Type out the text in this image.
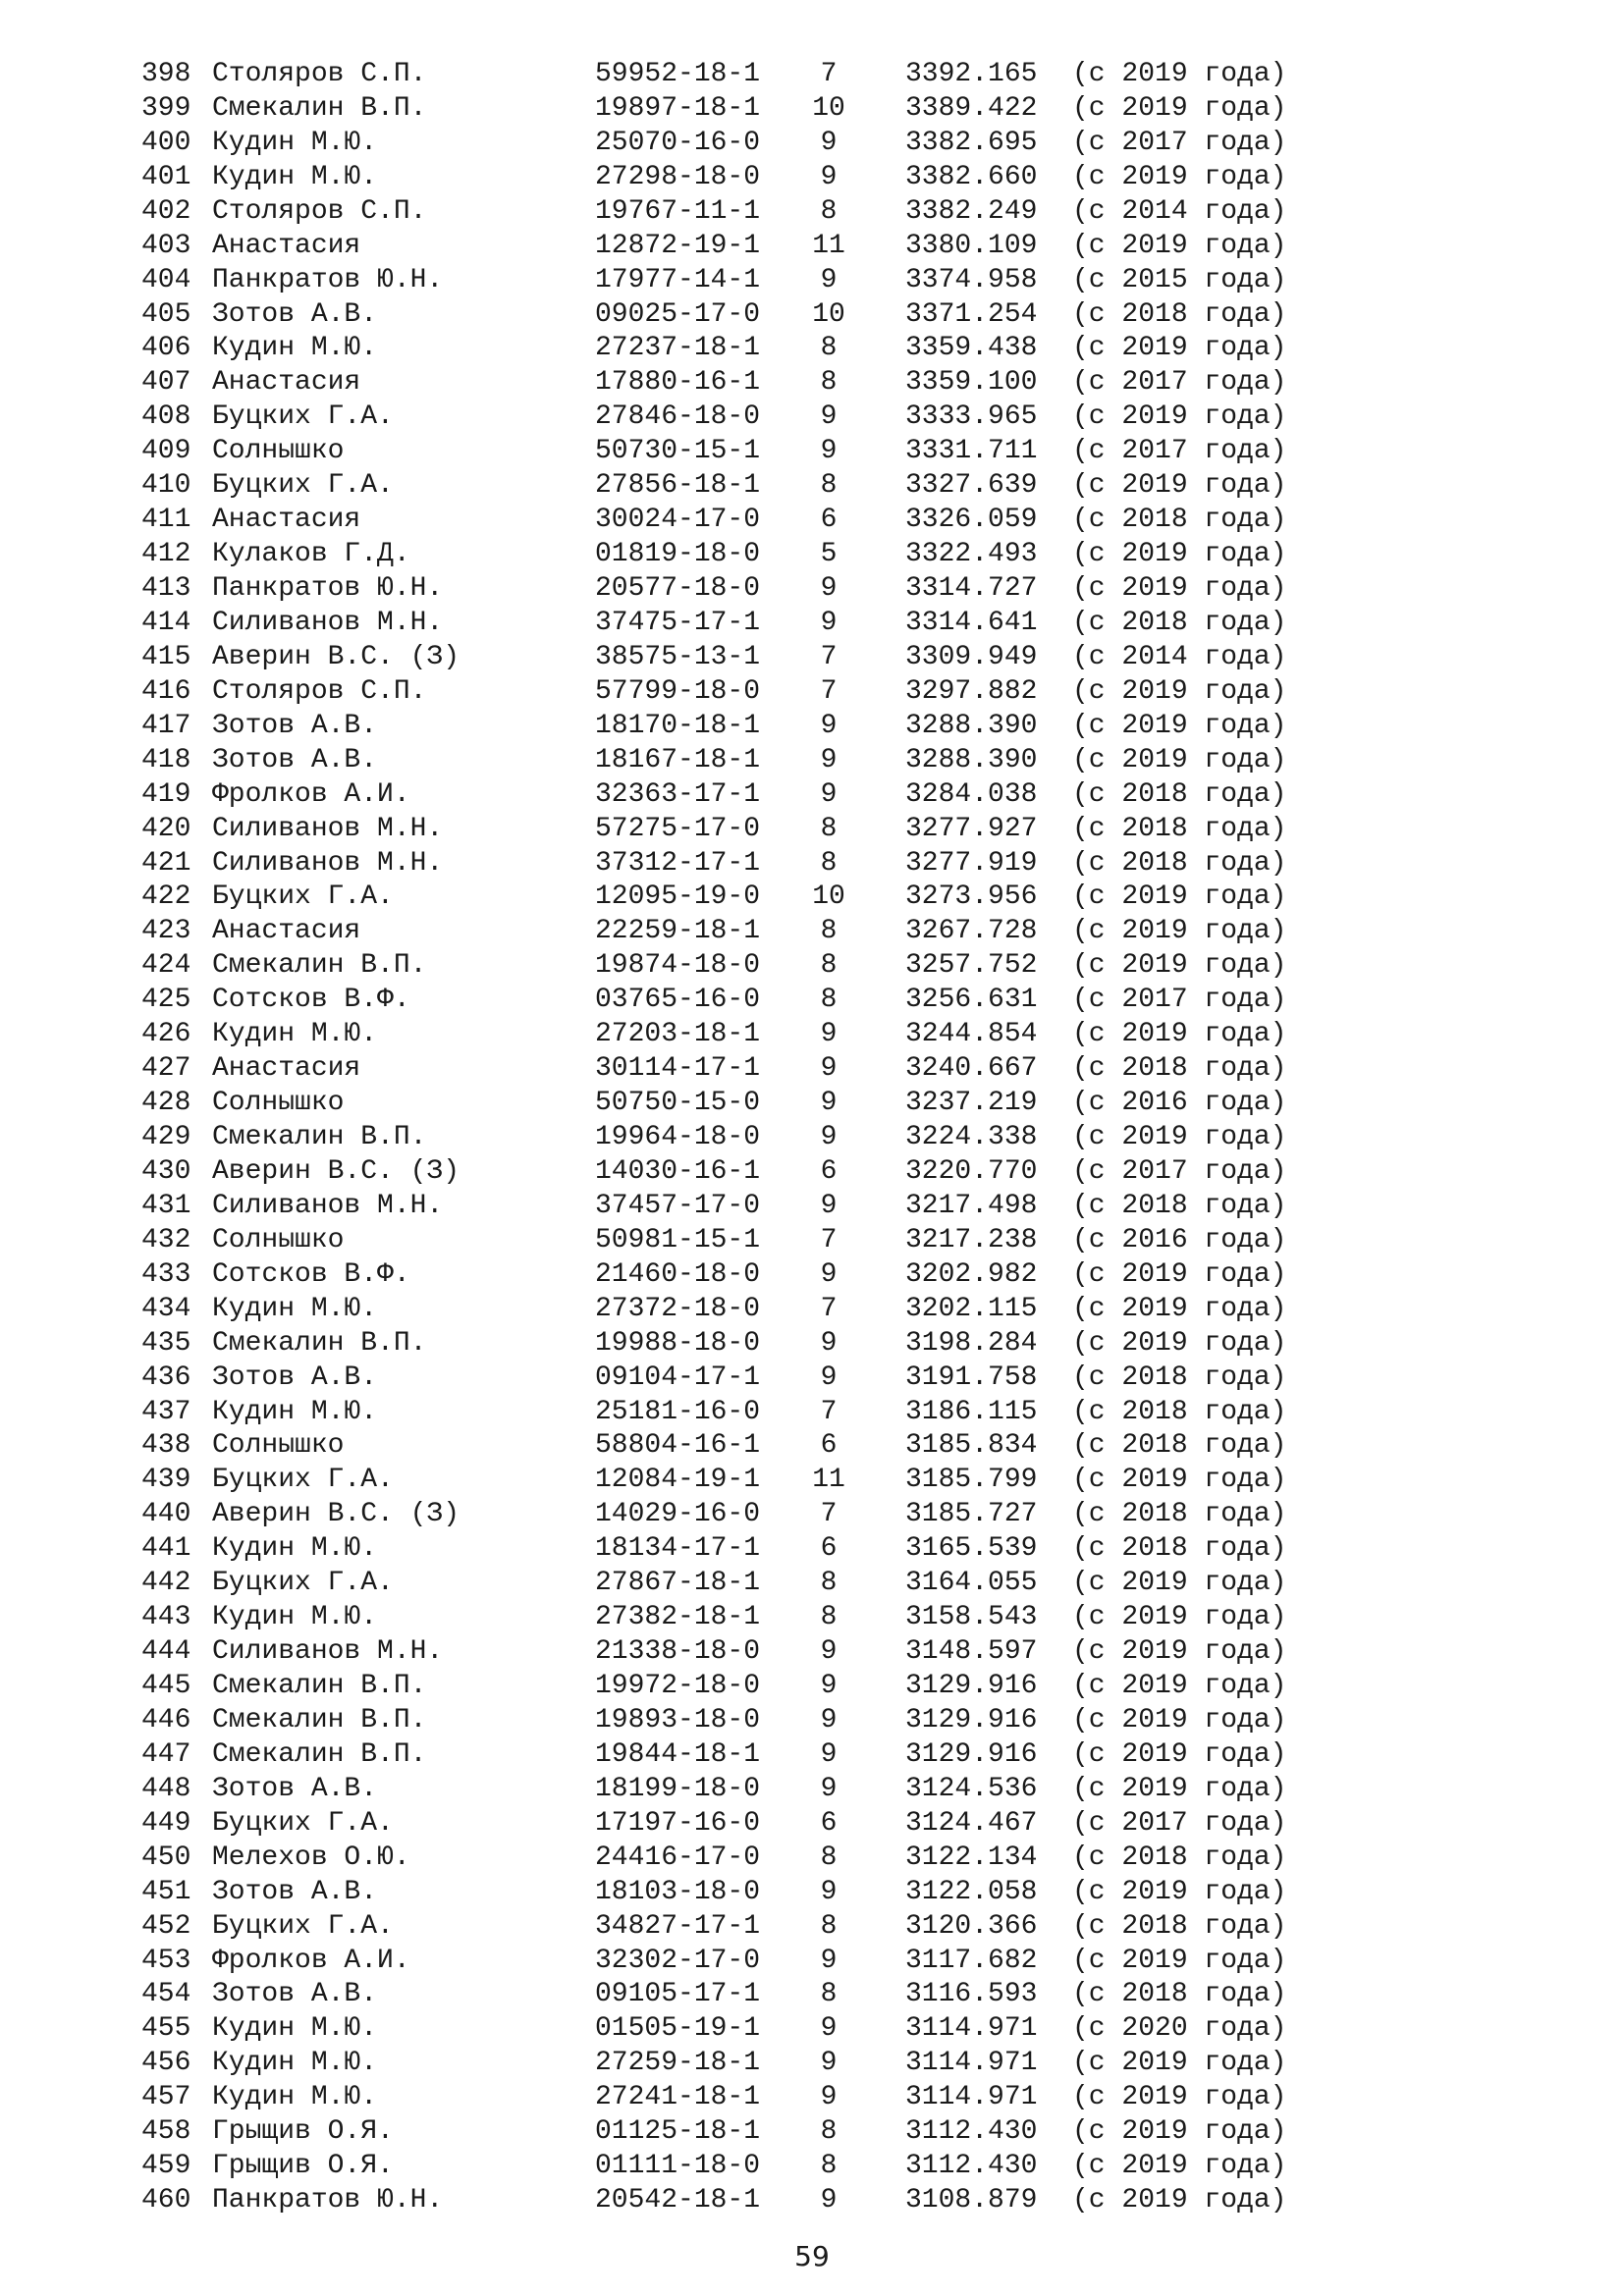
398 Столяров С.П.	59952-18-1	7	3392.165	(с 2019 года)
399 Смекалин В.П.	19897-18-1	10	3389.422	(с 2019 года)
400 Кудин М.Ю.	25070-16-0	9	3382.695	(с 2017 года)
401 Кудин М.Ю.	27298-18-0	9	3382.660	(с 2019 года)
402 Столяров С.П.	19767-11-1	8	3382.249	(с 2014 года)
403 Анастасия	12872-19-1	11	3380.109	(с 2019 года)
404 Панкратов Ю.Н.	17977-14-1	9	3374.958	(с 2015 года)
405 Зотов А.В.	09025-17-0	10	3371.254	(с 2018 года)
406 Кудин М.Ю.	27237-18-1	8	3359.438	(с 2019 года)
407 Анастасия	17880-16-1	8	3359.100	(с 2017 года)
408 Буцких Г.А.	27846-18-0	9	3333.965	(с 2019 года)
409 Солнышко	50730-15-1	9	3331.711	(с 2017 года)
410 Буцких Г.А.	27856-18-1	8	3327.639	(с 2019 года)
411 Анастасия	30024-17-0	6	3326.059	(с 2018 года)
412 Кулаков Г.Д.	01819-18-0	5	3322.493	(с 2019 года)
413 Панкратов Ю.Н.	20577-18-0	9	3314.727	(с 2019 года)
414 Силиванов М.Н.	37475-17-1	9	3314.641	(с 2018 года)
415 Аверин В.С. (З)	38575-13-1	7	3309.949	(с 2014 года)
416 Столяров С.П.	57799-18-0	7	3297.882	(с 2019 года)
417 Зотов А.В.	18170-18-1	9	3288.390	(с 2019 года)
418 Зотов А.В.	18167-18-1	9	3288.390	(с 2019 года)
419 Фролков А.И.	32363-17-1	9	3284.038	(с 2018 года)
420 Силиванов М.Н.	57275-17-0	8	3277.927	(с 2018 года)
421 Силиванов М.Н.	37312-17-1	8	3277.919	(с 2018 года)
422 Буцких Г.А.	12095-19-0	10	3273.956	(с 2019 года)
423 Анастасия	22259-18-1	8	3267.728	(с 2019 года)
424 Смекалин В.П.	19874-18-0	8	3257.752	(с 2019 года)
425 Сотсков В.Ф.	03765-16-0	8	3256.631	(с 2017 года)
426 Кудин М.Ю.	27203-18-1	9	3244.854	(с 2019 года)
427 Анастасия	30114-17-1	9	3240.667	(с 2018 года)
428 Солнышко	50750-15-0	9	3237.219	(с 2016 года)
429 Смекалин В.П.	19964-18-0	9	3224.338	(с 2019 года)
430 Аверин В.С. (З)	14030-16-1	6	3220.770	(с 2017 года)
431 Силиванов М.Н.	37457-17-0	9	3217.498	(с 2018 года)
432 Солнышко	50981-15-1	7	3217.238	(с 2016 года)
433 Сотсков В.Ф.	21460-18-0	9	3202.982	(с 2019 года)
434 Кудин М.Ю.	27372-18-0	7	3202.115	(с 2019 года)
435 Смекалин В.П.	19988-18-0	9	3198.284	(с 2019 года)
436 Зотов А.В.	09104-17-1	9	3191.758	(с 2018 года)
437 Кудин М.Ю.	25181-16-0	7	3186.115	(с 2018 года)
438 Солнышко	58804-16-1	6	3185.834	(с 2018 года)
439 Буцких Г.А.	12084-19-1	11	3185.799	(с 2019 года)
440 Аверин В.С. (З)	14029-16-0	7	3185.727	(с 2018 года)
441 Кудин М.Ю.	18134-17-1	6	3165.539	(с 2018 года)
442 Буцких Г.А.	27867-18-1	8	3164.055	(с 2019 года)
443 Кудин М.Ю.	27382-18-1	8	3158.543	(с 2019 года)
444 Силиванов М.Н.	21338-18-0	9	3148.597	(с 2019 года)
445 Смекалин В.П.	19972-18-0	9	3129.916	(с 2019 года)
446 Смекалин В.П.	19893-18-0	9	3129.916	(с 2019 года)
447 Смекалин В.П.	19844-18-1	9	3129.916	(с 2019 года)
448 Зотов А.В.	18199-18-0	9	3124.536	(с 2019 года)
449 Буцких Г.А.	17197-16-0	6	3124.467	(с 2017 года)
450 Мелехов О.Ю.	24416-17-0	8	3122.134	(с 2018 года)
451 Зотов А.В.	18103-18-0	9	3122.058	(с 2019 года)
452 Буцких Г.А.	34827-17-1	8	3120.366	(с 2018 года)
453 Фролков А.И.	32302-17-0	9	3117.682	(с 2019 года)
454 Зотов А.В.	09105-17-1	8	3116.593	(с 2018 года)
455 Кудин М.Ю.	01505-19-1	9	3114.971	(с 2020 года)
456 Кудин М.Ю.	27259-18-1	9	3114.971	(с 2019 года)
457 Кудин М.Ю.	27241-18-1	9	3114.971	(с 2019 года)
458 Грыщив О.Я.	01125-18-1	8	3112.430	(с 2019 года)
459 Грыщив О.Я.	01111-18-0	8	3112.430	(с 2019 года)
460 Панкратов Ю.Н.	20542-18-1	9	3108.879	(с 2019 года)
59
